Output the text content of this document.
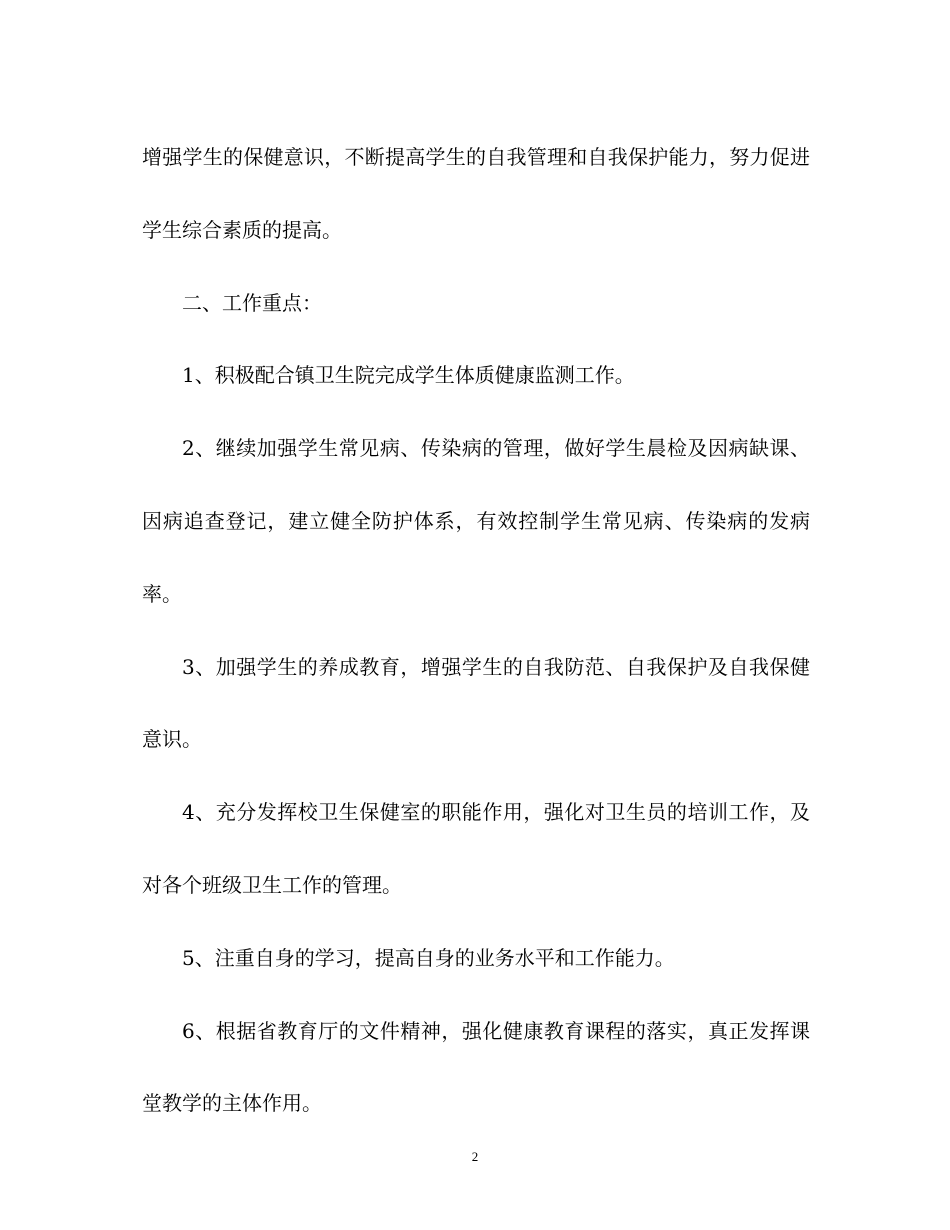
增强学生的保健意识，不断提高学生的自我管理和自我保护能力，努力促进学生综合素质的提高。

二、工作重点：

1、积极配合镇卫生院完成学生体质健康监测工作。

2、继续加强学生常见病、传染病的管理，做好学生晨检及因病缺课、因病追查登记，建立健全防护体系，有效控制学生常见病、传染病的发病率。

3、加强学生的养成教育，增强学生的自我防范、自我保护及自我保健意识。

4、充分发挥校卫生保健室的职能作用，强化对卫生员的培训工作，及对各个班级卫生工作的管理。

5、注重自身的学习，提高自身的业务水平和工作能力。

6、根据省教育厅的文件精神，强化健康教育课程的落实，真正发挥课堂教学的主体作用。

2
